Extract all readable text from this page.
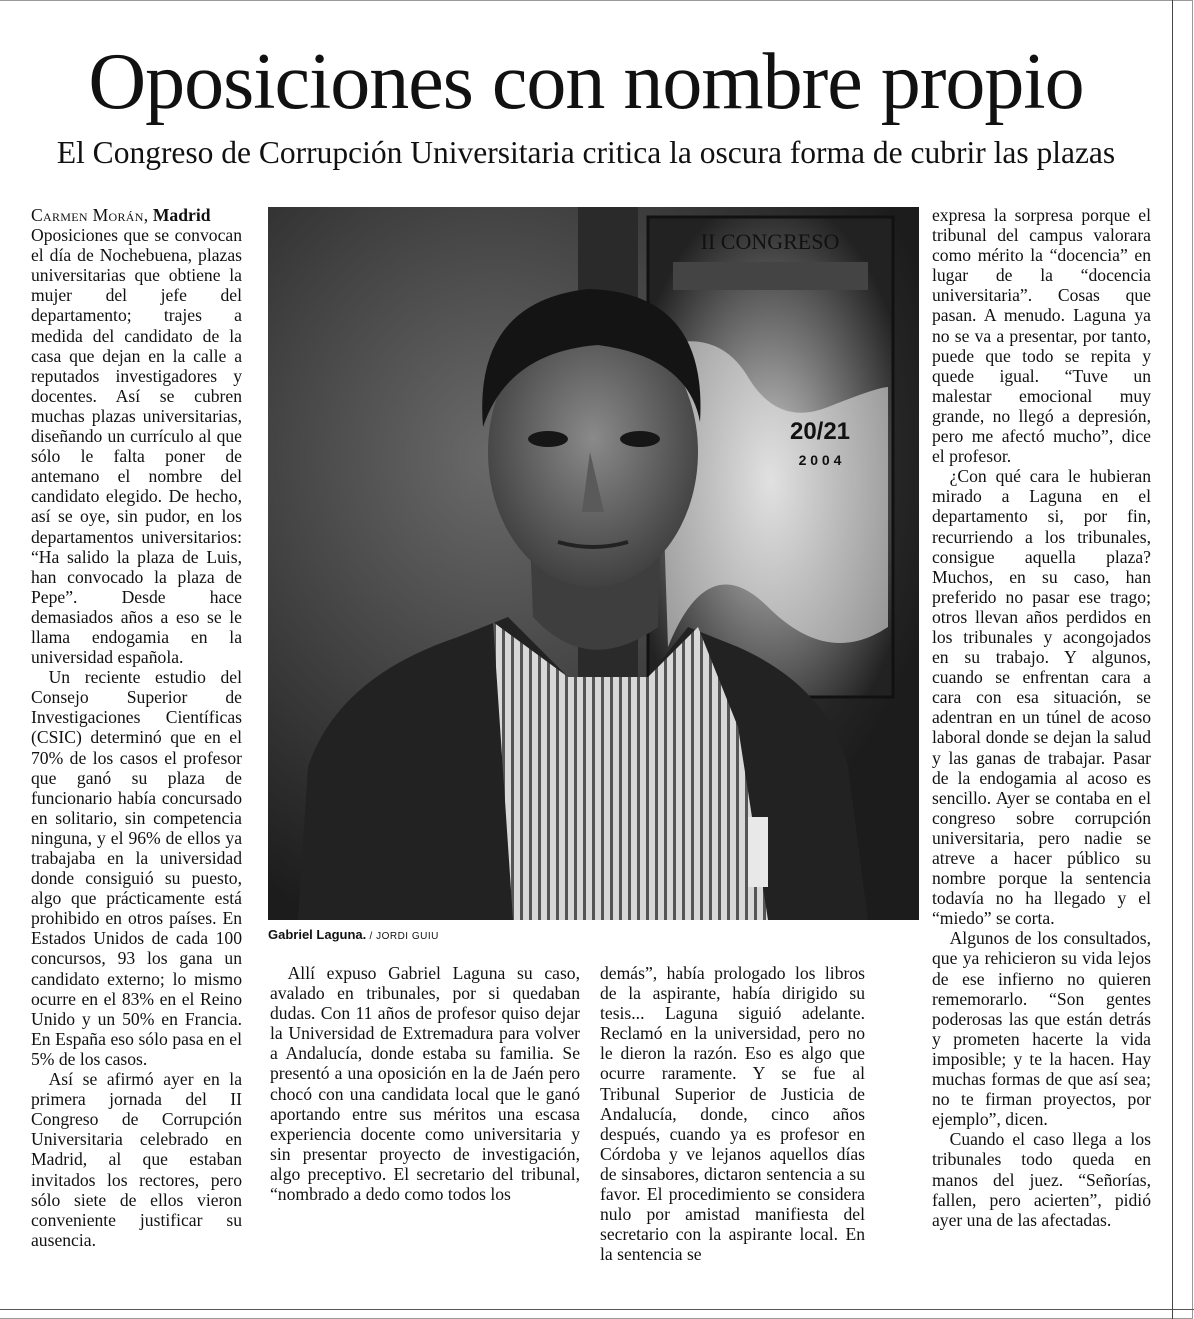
Oposiciones con nombre propio
El Congreso de Corrupción Universitaria critica la oscura forma de cubrir las plazas

Carmen Morán, Madrid

Oposiciones que se convocan el día de Nochebuena, plazas universitarias que obtiene la mujer del jefe del departamento; trajes a medida del candidato de la casa que dejan en la calle a reputados investigadores y docentes. Así se cubren muchas plazas universitarias, diseñando un currículo al que sólo le falta poner de antemano el nombre del candidato elegido. De hecho, así se oye, sin pudor, en los departamentos universitarios: “Ha salido la plaza de Luis, han convocado la plaza de Pepe”. Desde hace demasiados años a eso se le llama endogamia en la universidad española.

Un reciente estudio del Consejo Superior de Investigaciones Científicas (CSIC) determinó que en el 70% de los casos el profesor que ganó su plaza de funcionario había concursado en solitario, sin competencia ninguna, y el 96% de ellos ya trabajaba en la universidad donde consiguió su puesto, algo que prácticamente está prohibido en otros países. En Estados Unidos de cada 100 concursos, 93 los gana un candidato externo; lo mismo ocurre en el 83% en el Reino Unido y un 50% en Francia. En España eso sólo pasa en el 5% de los casos.

Así se afirmó ayer en la primera jornada del II Congreso de Corrupción Universitaria celebrado en Madrid, al que estaban invitados los rectores, pero sólo siete de ellos vieron conveniente justificar su ausencia.

II CONGRESO
20/21
2 0 0 4
Gabriel Laguna. / JORDI GUIU

Allí expuso Gabriel Laguna su caso, avalado en tribunales, por si quedaban dudas. Con 11 años de profesor quiso dejar la Universidad de Extremadura para volver a Andalucía, donde estaba su familia. Se presentó a una oposición en la de Jaén pero chocó con una candidata local que le ganó aportando entre sus méritos una escasa experiencia docente como universitaria y sin presentar proyecto de investigación, algo preceptivo. El secretario del tribunal, “nombrado a dedo como todos los

demás”, había prologado los libros de la aspirante, había dirigido su tesis... Laguna siguió adelante. Reclamó en la universidad, pero no le dieron la razón. Eso es algo que ocurre raramente. Y se fue al Tribunal Superior de Justicia de Andalucía, donde, cinco años después, cuando ya es profesor en Córdoba y ve lejanos aquellos días de sinsabores, dictaron sentencia a su favor. El procedimiento se considera nulo por amistad manifiesta del secretario con la aspirante local. En la sentencia se

expresa la sorpresa porque el tribunal del campus valorara como mérito la “docencia” en lugar de la “docencia universitaria”. Cosas que pasan. A menudo. Laguna ya no se va a presentar, por tanto, puede que todo se repita y quede igual. “Tuve un malestar emocional muy grande, no llegó a depresión, pero me afectó mucho”, dice el profesor.

¿Con qué cara le hubieran mirado a Laguna en el departamento si, por fin, recurriendo a los tribunales, consigue aquella plaza? Muchos, en su caso, han preferido no pasar ese trago; otros llevan años perdidos en los tribunales y acongojados en su trabajo. Y algunos, cuando se enfrentan cara a cara con esa situación, se adentran en un túnel de acoso laboral donde se dejan la salud y las ganas de trabajar. Pasar de la endogamia al acoso es sencillo. Ayer se contaba en el congreso sobre corrupción universitaria, pero nadie se atreve a hacer público su nombre porque la sentencia todavía no ha llegado y el “miedo” se corta.

Algunos de los consultados, que ya rehicieron su vida lejos de ese infierno no quieren rememorarlo. “Son gentes poderosas las que están detrás y prometen hacerte la vida imposible; y te la hacen. Hay muchas formas de que así sea; no te firman proyectos, por ejemplo”, dicen.

Cuando el caso llega a los tribunales todo queda en manos del juez. “Señorías, fallen, pero acierten”, pidió ayer una de las afectadas.
